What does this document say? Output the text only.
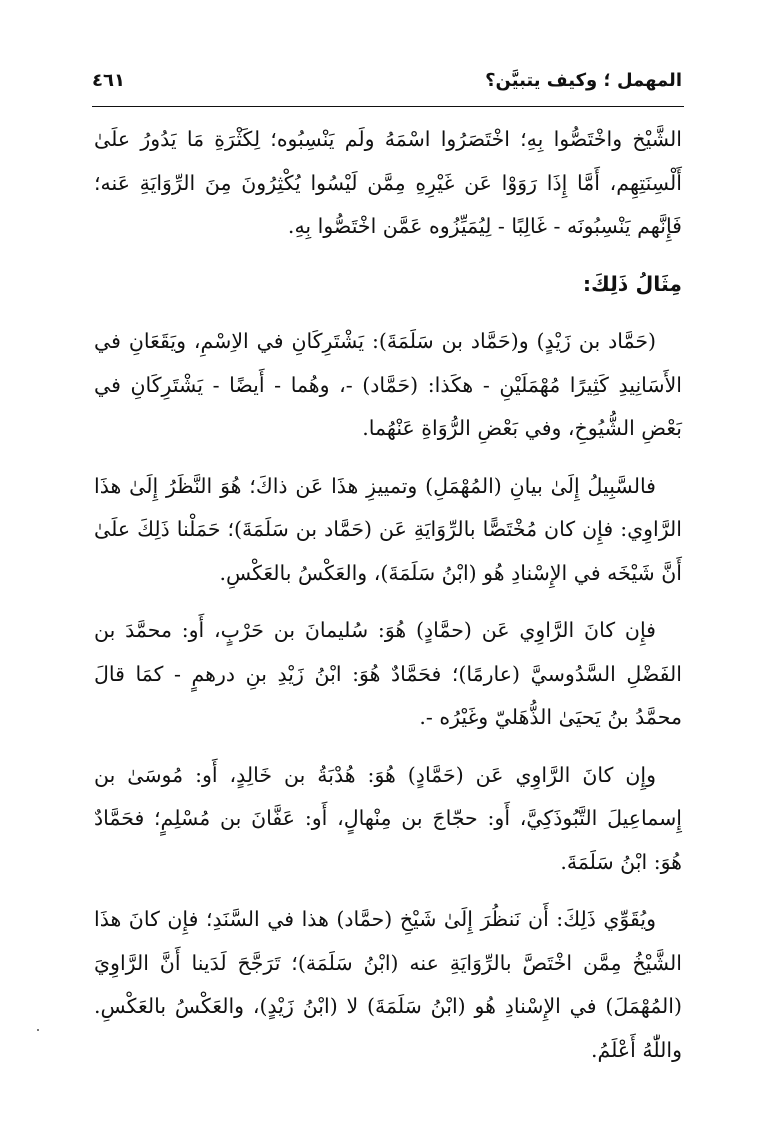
المهمل ؛ وكيف يتبيَّن؟
٤٦١

الشَّيْخ واخْتَصُّوا بِهِ؛ اخْتَصَرُوا اسْمَهُ ولَم يَنْسِبُوه؛ لِكَثْرَةِ مَا يَدُورُ علَىٰ أَلْسِنَتِهِم، أَمَّا إِذَا رَوَوْا عَن غَيْرِهِ مِمَّن لَيْسُوا يُكْثِرُونَ مِنَ الرِّوَايَةِ عَنه؛ فَإِنَّهم يَنْسِبُونَه - غَالِبًا - لِيُمَيِّزُوه عَمَّن اخْتَصُّوا بِهِ.

مِثَالُ ذَلِكَ:

(حَمَّاد بن زَيْدٍ) و(حَمَّاد بن سَلَمَةَ): يَشْتَرِكَانِ في الاِسْمِ، ويَقَعَانِ في الأَسَانِيدِ كَثِيرًا مُهْمَلَيْنِ - هكَذا: (حَمَّاد) -، وهُما - أَيضًا - يَشْتَرِكَانِ في بَعْضِ الشُّيُوخِ، وفي بَعْضِ الرُّوَاةِ عَنْهُما.

فالسَّبِيلُ إِلَىٰ بيانِ (المُهْمَلِ) وتمييزِ هذَا عَن ذاكَ؛ هُوَ النَّظَرُ إِلَىٰ هذَا الرَّاوِي: فإِن كان مُخْتَصًّا بالرِّوَايَةِ عَن (حَمَّاد بن سَلَمَةَ)؛ حَمَلْنا ذَلِكَ علَىٰ أَنَّ شَيْخَه في الإِسْنادِ هُو (ابْنُ سَلَمَةَ)، والعَكْسُ بالعَكْسِ.

فإِن كانَ الرَّاوِي عَن (حمَّادٍ) هُوَ: سُليمانَ بن حَرْبٍ، أَو: محمَّدَ بن الفَضْلِ السَّدُوسيَّ (عارمًا)؛ فحَمَّادٌ هُوَ: ابْنُ زَيْدِ بنِ درهمٍ - كمَا قالَ محمَّدُ بنُ يَحيَىٰ الذُّهَليّ وغَيْرُه -.

وإِن كانَ الرَّاوِي عَن (حَمَّادٍ) هُوَ: هُدْبَةُ بن خَالِدٍ، أَو: مُوسَىٰ بن إِسماعِيلَ التَّبُوذَكِيَّ، أَو: حجّاجَ بن مِنْهالٍ، أَو: عَفَّانَ بن مُسْلِمٍ؛ فحَمَّادٌ هُوَ: ابْنُ سَلَمَةَ.

ويُقَوِّي ذَلِكَ: أَن نَنظُرَ إِلَىٰ شَيْخِ (حمَّاد) هذا في السَّنَدِ؛ فإِن كانَ هذَا الشَّيْخُ مِمَّن اخْتَصَّ بالرِّوَايَةِ عنه (ابْنُ سَلَمَة)؛ تَرَجَّحَ لَدَينا أَنَّ الرَّاوِيَ (المُهْمَلَ) في الإِسْنادِ هُو (ابْنُ سَلَمَةَ) لا (ابْنُ زَيْدٍ)، والعَكْسُ بالعَكْسِ. واللّٰهُ أَعْلَمُ.
